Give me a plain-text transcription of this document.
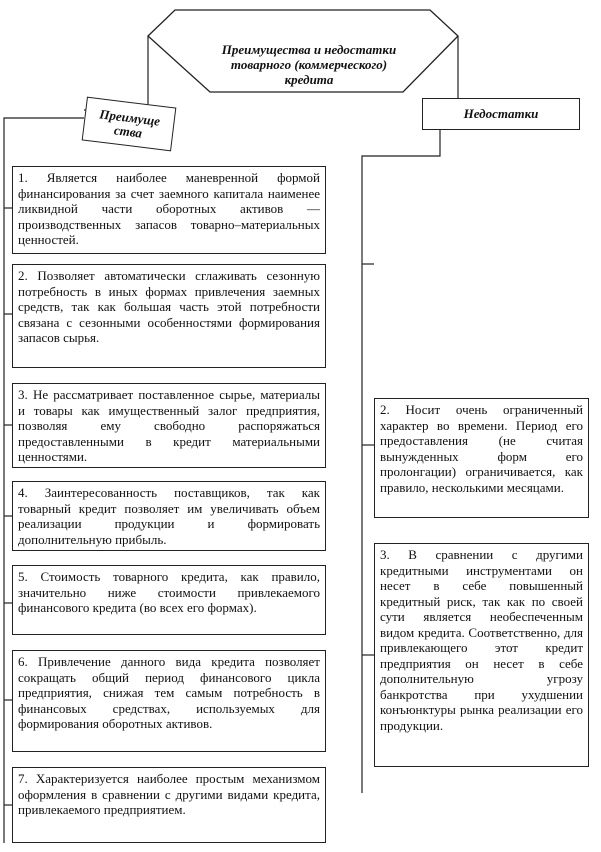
Преимущества и недостатки товарного (коммерческого) кредита
Преимуще ства
Недостатки
1. Является наиболее маневренной формой финансирования за счет заемного капитала наименее ликвидной части оборотных активов — производственных запасов товарно–материальных ценностей.
2. Позволяет автоматически сглаживать сезонную потребность в иных формах привлечения заемных средств, так как большая часть этой потребности связана с сезонными особенностями формирования запасов сырья.
3. Не рассматривает поставленное сырье, материалы и товары как имущественный залог предприятия, позволяя ему свободно распоряжаться предоставленными в кредит материальными ценностями.
4. Заинтересованность поставщиков, так как товарный кредит позволяет им увеличивать объем реализации продукции и формировать дополнительную прибыль.
5. Стоимость товарного кредита, как правило, значительно ниже стоимости привлекаемого финансового кредита (во всех его формах).
6. Привлечение данного вида кредита позволяет сокращать общий период финансового цикла предприятия, снижая тем самым потребность в финансовых средствах, используемых для формирования оборотных активов.
7. Характеризуется наиболее простым механизмом оформления в сравнении с другими видами кредита, привлекаемого предприятием.
2. Носит очень ограниченный характер во времени. Период его предоставления (не считая вынужденных форм его пролонгации) ограничивается, как правило, несколькими месяцами.
3. В сравнении с другими кредитными инструментами он несет в себе повышенный кредитный риск, так как по своей сути является необеспеченным видом кредита. Соответственно, для привлекающего этот кредит предприятия он несет в себе дополнительную угрозу банкротства при ухудшении конъюнктуры рынка реализации его продукции.
